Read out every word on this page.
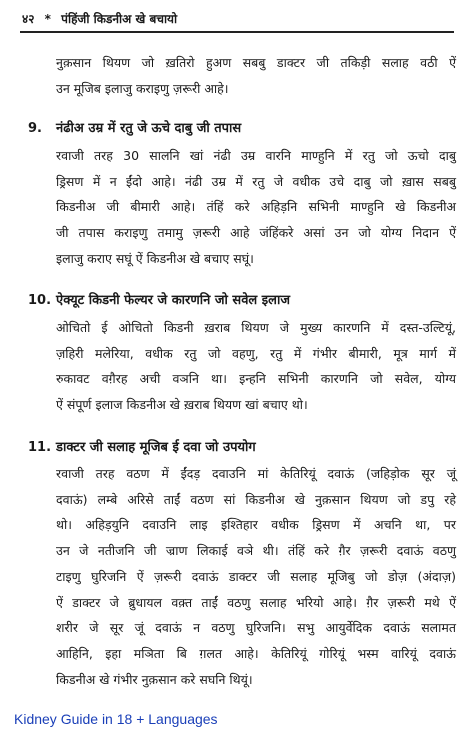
४२ * पंहिंजी किडनीअ खे बचायो

नुक़सान थियण जो ख़तिरो हुअण सबबु डाक्टर जी तकिड़ी सलाह वठी ऐं
उन मूजिब इलाजु कराइणु ज़रूरी आहे।

9. नंढीअ उम्र में रतु जे ऊचे दाबु जी तपास

रवाजी तरह 30 सालनि खां नंढी उम्र वारनि माण्हुनि में रतु जो ऊचो दाबु
ड्रिसण में न ईंदो आहे। नंढी उम्र में रतु जे वधीक उचे दाबु जो ख़ास सबबु
किडनीअ जी बीमारी आहे। तंहिं करे अहिड़नि सभिनी माण्हुनि खे किडनीअ
जी तपास कराइणु तमामु ज़रूरी आहे जंहिंकरे असां उन जो योग्य निदान ऐं
इलाजु कराए सघूं ऐं किडनीअ खे बचाए सघूं।

10. ऐक्यूट किडनी फेल्यर जे कारणनि जो सवेल इलाज

ओचितो ई ओचितो किडनी ख़राब थियण जे मुख्य कारणनि में दस्त-उल्टियूं,
ज़हिरी मलेरिया, वधीक रतु जो वहणु, रतु में गंभीर बीमारी, मूत्र मार्ग में
रुकावट वग़ैरह अची वञनि था। इन्हनि सभिनी कारणनि जो सवेल, योग्य
ऐं संपूर्ण इलाज किडनीअ खे ख़राब थियण खां बचाए थो।

11. डाक्टर जी सलाह मूजिब ई दवा जो उपयोग

रवाजी तरह वठण में ईंदड़ दवाउनि मां केतिरियूं दवाऊं (जहिड़ोक सूर जूं
दवाऊं) लम्बे अरिसे ताईं वठण सां किडनीअ खे नुक़सान थियण जो डपु रहे
थो। अहिड़युनि दवाउनि लाइ इश्तिहार वधीक ड्रिसण में अचनि था, पर
उन जे नतीजनि जी ज्राण लिकाई वञे थी। तंहिं करे ग़ैर ज़रूरी दवाऊं वठणु
टाइणु घुरिजनि ऐं ज़रूरी दवाऊं डाक्टर जी सलाह मूजिबु जो डोज़ (अंदाज़)
ऐं डाक्टर जे ब्रुधायल वक़्त ताईं वठणु सलाह भरियो आहे। ग़ैर ज़रूरी मथे ऐं
शरीर जे सूर जूं दवाऊं न वठणु घुरिजनि। सभु आयुर्वेदिक दवाऊं सलामत
आहिनि, इहा मञिता बि ग़लत आहे। केतिरियूं गोरियूं भस्म वारियूं दवाऊं
किडनीअ खे गंभीर नुक़सान करे सघनि थियूं।

Kidney Guide in 18 + Languages
